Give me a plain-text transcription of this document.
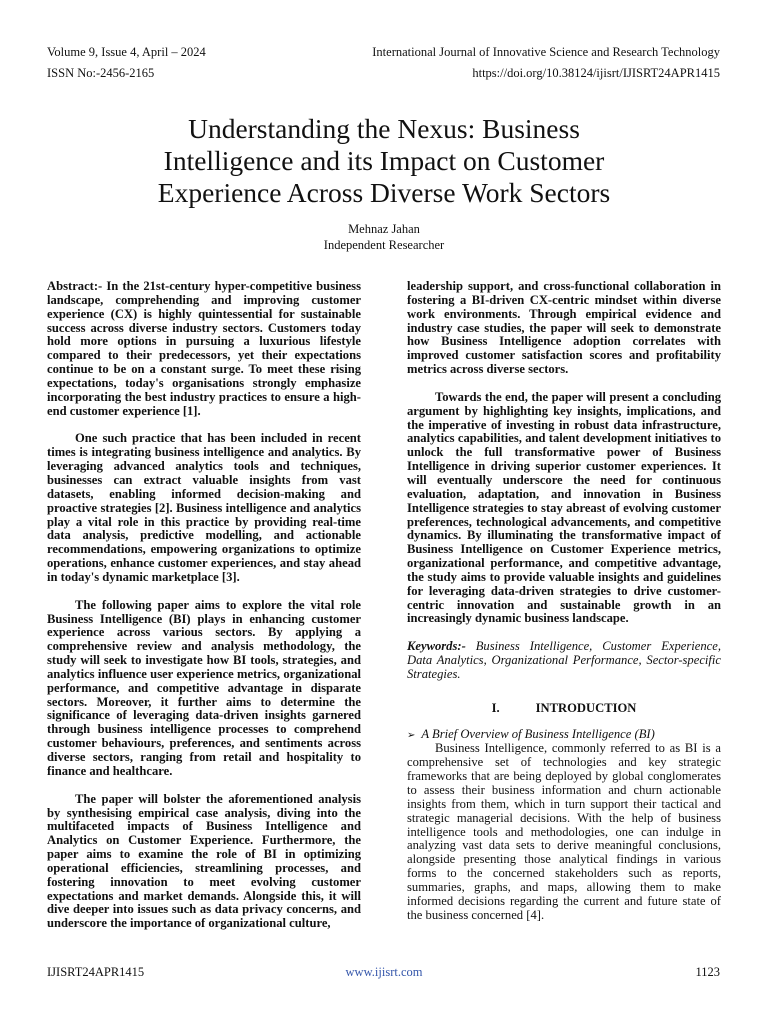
Volume 9, Issue 4, April – 2024
ISSN No:-2456-2165
International Journal of Innovative Science and Research Technology
https://doi.org/10.38124/ijisrt/IJISRT24APR1415
Understanding the Nexus: Business
Intelligence and its Impact on Customer
Experience Across Diverse Work Sectors
Mehnaz Jahan
Independent Researcher

Abstract:- In the 21st-century hyper-competitive business landscape, comprehending and improving customer experience (CX) is highly quintessential for sustainable success across diverse industry sectors. Customers today hold more options in pursuing a luxurious lifestyle compared to their predecessors, yet their expectations continue to be on a constant surge. To meet these rising expectations, today's organisations strongly emphasize incorporating the best industry practices to ensure a high-end customer experience [1].

One such practice that has been included in recent times is integrating business intelligence and analytics. By leveraging advanced analytics tools and techniques, businesses can extract valuable insights from vast datasets, enabling informed decision-making and proactive strategies [2]. Business intelligence and analytics play a vital role in this practice by providing real-time data analysis, predictive modelling, and actionable recommendations, empowering organizations to optimize operations, enhance customer experiences, and stay ahead in today's dynamic marketplace [3].

The following paper aims to explore the vital role Business Intelligence (BI) plays in enhancing customer experience across various sectors. By applying a comprehensive review and analysis methodology, the study will seek to investigate how BI tools, strategies, and analytics influence user experience metrics, organizational performance, and competitive advantage in disparate sectors. Moreover, it further aims to determine the significance of leveraging data-driven insights garnered through business intelligence processes to comprehend customer behaviours, preferences, and sentiments across diverse sectors, ranging from retail and hospitality to finance and healthcare.

The paper will bolster the aforementioned analysis by synthesising empirical case analysis, diving into the multifaceted impacts of Business Intelligence and Analytics on Customer Experience. Furthermore, the paper aims to examine the role of BI in optimizing operational efficiencies, streamlining processes, and fostering innovation to meet evolving customer expectations and market demands. Alongside this, it will dive deeper into issues such as data privacy concerns, and underscore the importance of organizational culture,

leadership support, and cross-functional collaboration in fostering a BI-driven CX-centric mindset within diverse work environments. Through empirical evidence and industry case studies, the paper will seek to demonstrate how Business Intelligence adoption correlates with improved customer satisfaction scores and profitability metrics across diverse sectors.

Towards the end, the paper will present a concluding argument by highlighting key insights, implications, and the imperative of investing in robust data infrastructure, analytics capabilities, and talent development initiatives to unlock the full transformative power of Business Intelligence in driving superior customer experiences. It will eventually underscore the need for continuous evaluation, adaptation, and innovation in Business Intelligence strategies to stay abreast of evolving customer preferences, technological advancements, and competitive dynamics. By illuminating the transformative impact of Business Intelligence on Customer Experience metrics, organizational performance, and competitive advantage, the study aims to provide valuable insights and guidelines for leveraging data-driven strategies to drive customer-centric innovation and sustainable growth in an increasingly dynamic business landscape.

Keywords:- Business Intelligence, Customer Experience, Data Analytics, Organizational Performance, Sector-specific Strategies.

I.	INTRODUCTION
➢ A Brief Overview of Business Intelligence (BI)

Business Intelligence, commonly referred to as BI is a comprehensive set of technologies and key strategic frameworks that are being deployed by global conglomerates to assess their business information and churn actionable insights from them, which in turn support their tactical and strategic managerial decisions. With the help of business intelligence tools and methodologies, one can indulge in analyzing vast data sets to derive meaningful conclusions, alongside presenting those analytical findings in various forms to the concerned stakeholders such as reports, summaries, graphs, and maps, allowing them to make informed decisions regarding the current and future state of the business concerned [4].

IJISRT24APR1415	www.ijisrt.com	1123
